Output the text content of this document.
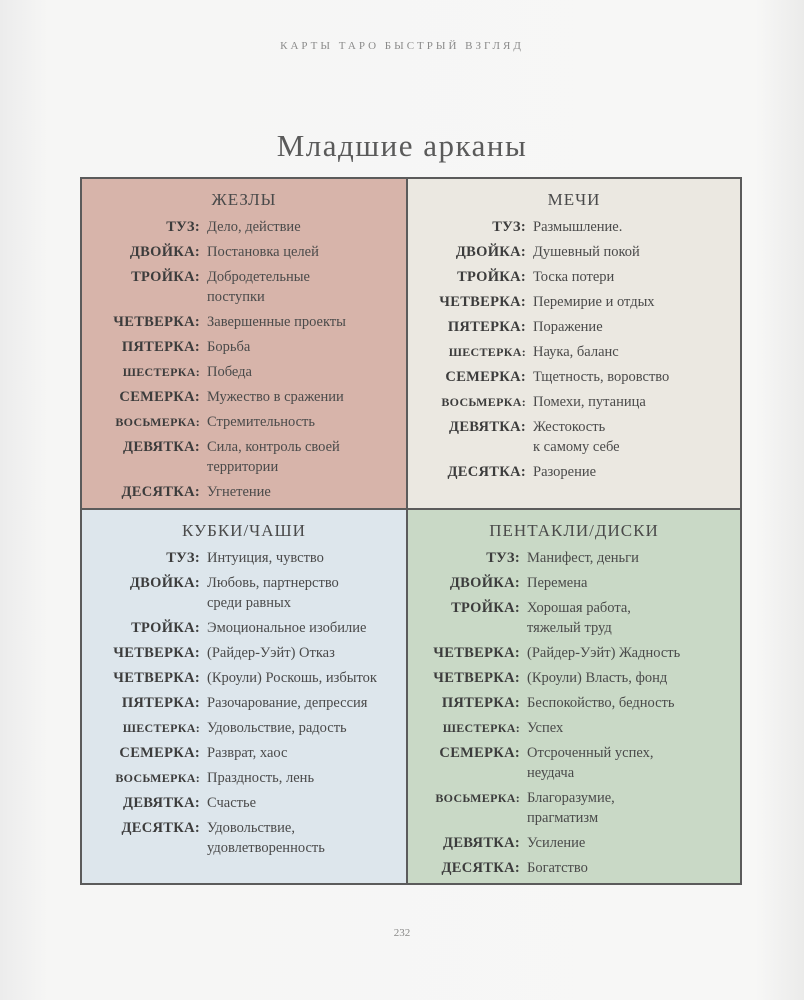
КАРТЫ ТАРО БЫСТРЫЙ ВЗГЛЯД
Младшие арканы
ЖЕЗЛЫ
ТУЗ: Дело, действие
ДВОЙКА: Постановка целей
ТРОЙКА: Добродетельные
поступки
ЧЕТВЕРКА: Завершенные проекты
ПЯТЕРКА: Борьба
ШЕСТЕРКА: Победа
СЕМЕРКА: Мужество в сражении
ВОСЬМЕРКА: Стремительность
ДЕВЯТКА: Сила, контроль своей
территории
ДЕСЯТКА: Угнетение
МЕЧИ
ТУЗ: Размышление.
ДВОЙКА: Душевный покой
ТРОЙКА: Тоска потери
ЧЕТВЕРКА: Перемирие и отдых
ПЯТЕРКА: Поражение
ШЕСТЕРКА: Наука, баланс
СЕМЕРКА: Тщетность, воровство
ВОСЬМЕРКА: Помехи, путаница
ДЕВЯТКА: Жестокость
к самому себе
ДЕСЯТКА: Разорение
КУБКИ/ЧАШИ
ТУЗ: Интуиция, чувство
ДВОЙКА: Любовь, партнерство
среди равных
ТРОЙКА: Эмоциональное изобилие
ЧЕТВЕРКА: (Райдер-Уэйт) Отказ
ЧЕТВЕРКА: (Кроули) Роскошь, избыток
ПЯТЕРКА: Разочарование, депрессия
ШЕСТЕРКА: Удовольствие, радость
СЕМЕРКА: Разврат, хаос
ВОСЬМЕРКА: Праздность, лень
ДЕВЯТКА: Счастье
ДЕСЯТКА: Удовольствие,
удовлетворенность
ПЕНТАКЛИ/ДИСКИ
ТУЗ: Манифест, деньги
ДВОЙКА: Перемена
ТРОЙКА: Хорошая работа,
тяжелый труд
ЧЕТВЕРКА: (Райдер-Уэйт) Жадность
ЧЕТВЕРКА: (Кроули) Власть, фонд
ПЯТЕРКА: Беспокойство, бедность
ШЕСТЕРКА: Успех
СЕМЕРКА: Отсроченный успех,
неудача
ВОСЬМЕРКА: Благоразумие,
прагматизм
ДЕВЯТКА: Усиление
ДЕСЯТКА: Богатство
232
